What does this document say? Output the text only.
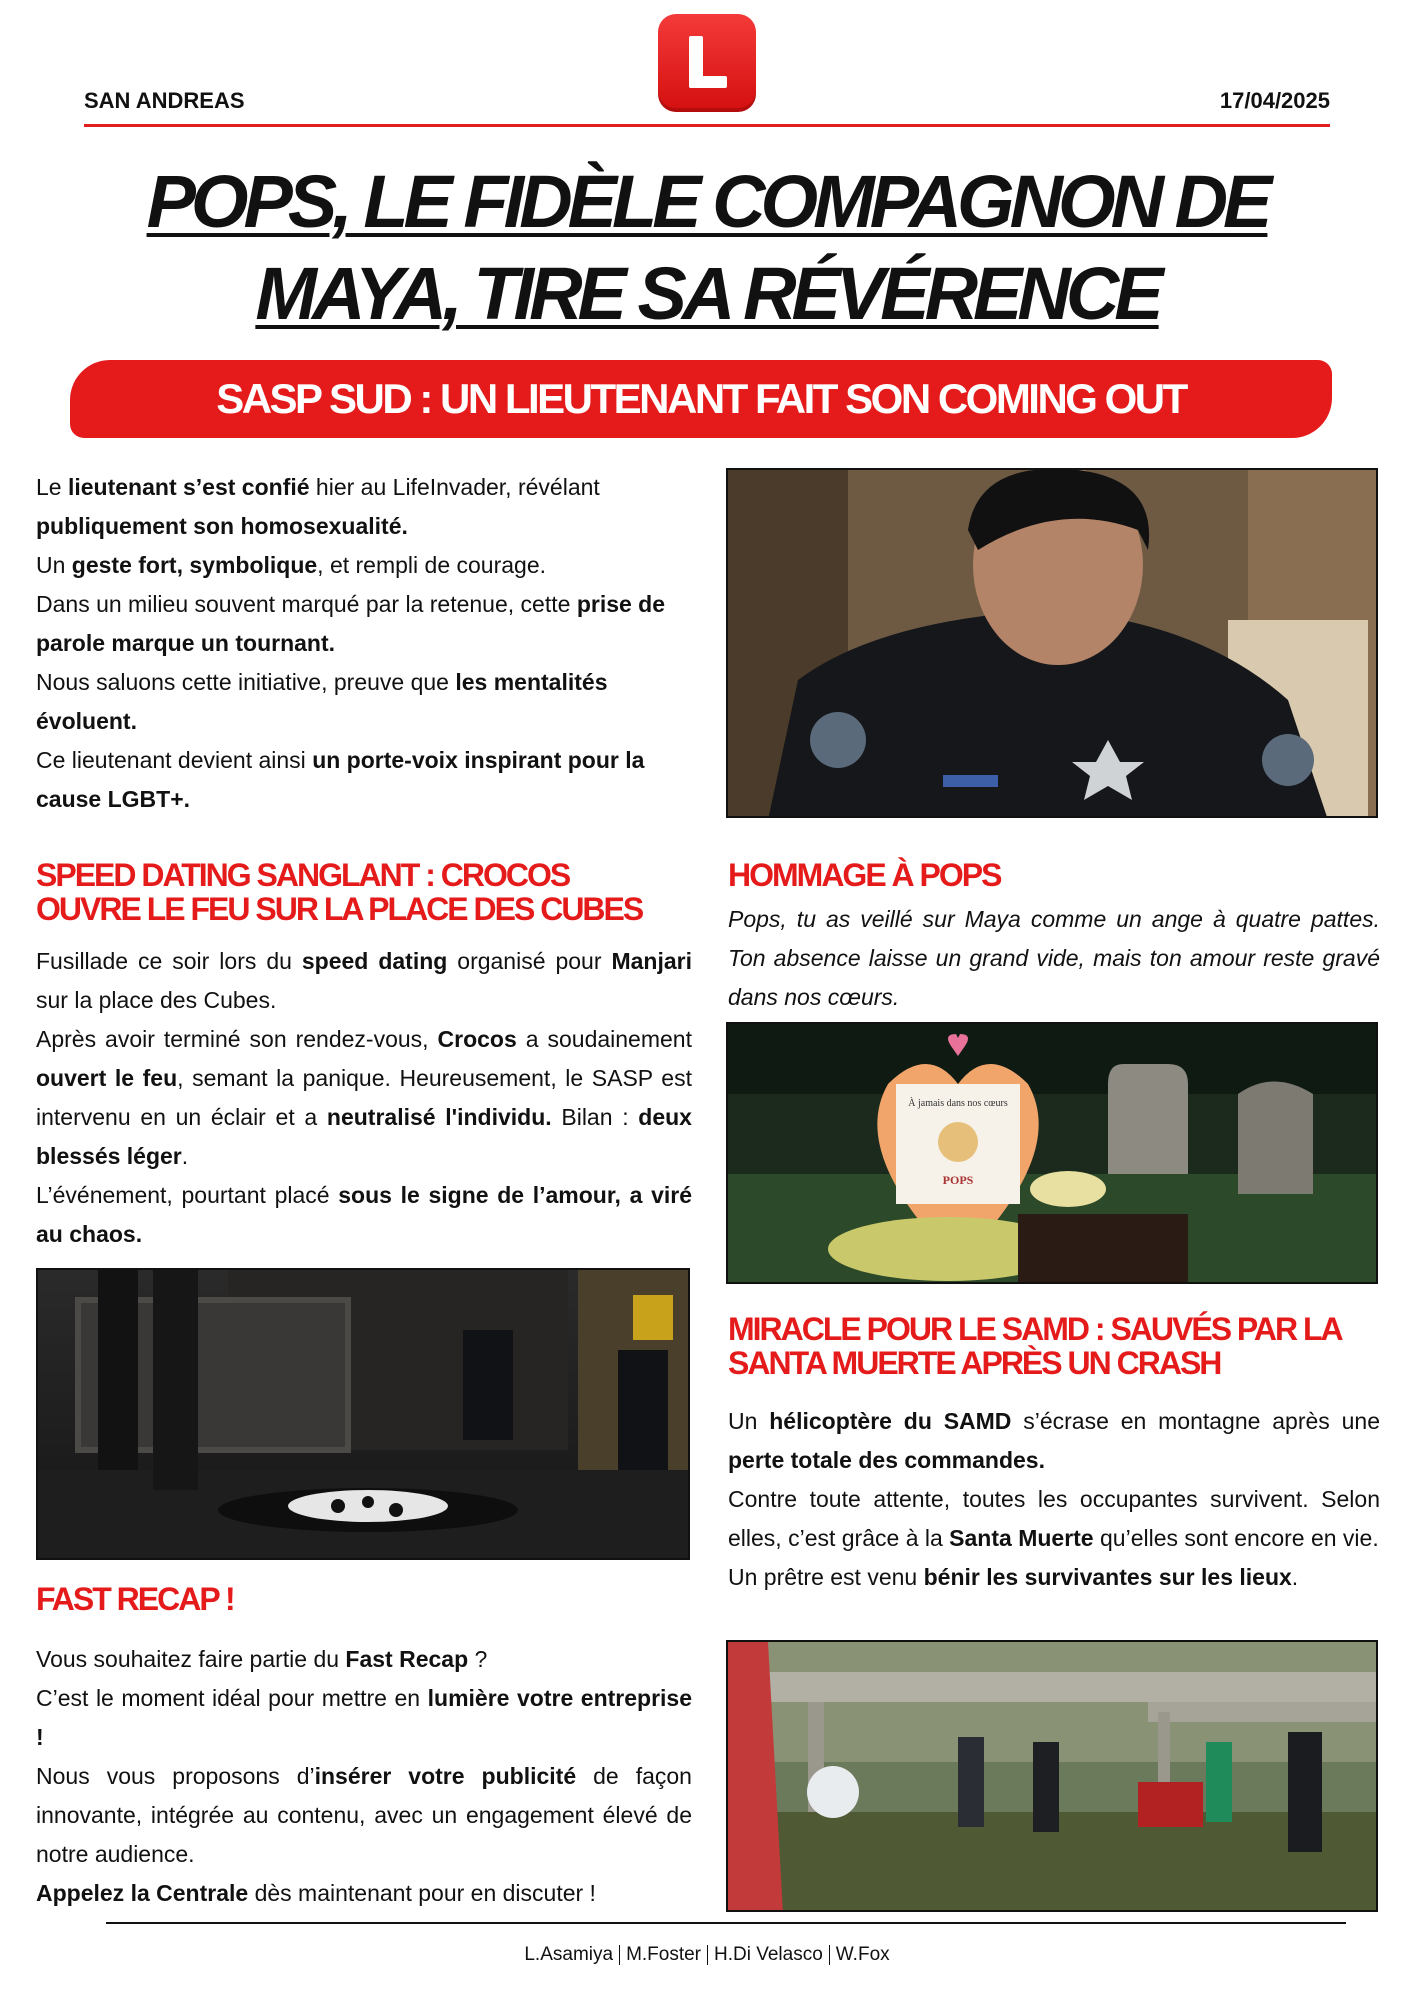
SAN ANDREAS	17/04/2025
POPS, LE FIDÈLE COMPAGNON DE
MAYA, TIRE SA RÉVÉRENCE
SASP SUD : UN LIEUTENANT FAIT SON COMING OUT

Le lieutenant s’est confié hier au LifeInvader, révélant publiquement son homosexualité.
Un geste fort, symbolique, et rempli de courage.
Dans un milieu souvent marqué par la retenue, cette prise de parole marque un tournant.
Nous saluons cette initiative, preuve que les mentalités évoluent.
Ce lieutenant devient ainsi un porte-voix inspirant pour la cause LGBT+.

SPEED DATING SANGLANT : CROCOS OUVRE LE FEU SUR LA PLACE DES CUBES

Fusillade ce soir lors du speed dating organisé pour Manjari sur la place des Cubes.
Après avoir terminé son rendez-vous, Crocos a soudainement ouvert le feu, semant la panique. Heureusement, le SASP est intervenu en un éclair et a neutralisé l'individu. Bilan : deux blessés léger.
L’événement, pourtant placé sous le signe de l’amour, a viré au chaos.

FAST RECAP !

Vous souhaitez faire partie du Fast Recap ?
C’est le moment idéal pour mettre en lumière votre entreprise !
Nous vous proposons d’insérer votre publicité de façon innovante, intégrée au contenu, avec un engagement élevé de notre audience.
Appelez la Centrale dès maintenant pour en discuter !

HOMMAGE À POPS

Pops, tu as veillé sur Maya comme un ange à quatre pattes. Ton absence laisse un grand vide, mais ton amour reste gravé dans nos cœurs.

À jamais dans nos cœurs
POPS
MIRACLE POUR LE SAMD : SAUVÉS PAR LA SANTA MUERTE APRÈS UN CRASH

Un hélicoptère du SAMD s’écrase en montagne après une perte totale des commandes.
Contre toute attente, toutes les occupantes survivent. Selon elles, c’est grâce à la Santa Muerte qu’elles sont encore en vie.
Un prêtre est venu bénir les survivantes sur les lieux.

L.Asamiya M.Foster H.Di Velasco W.Fox
